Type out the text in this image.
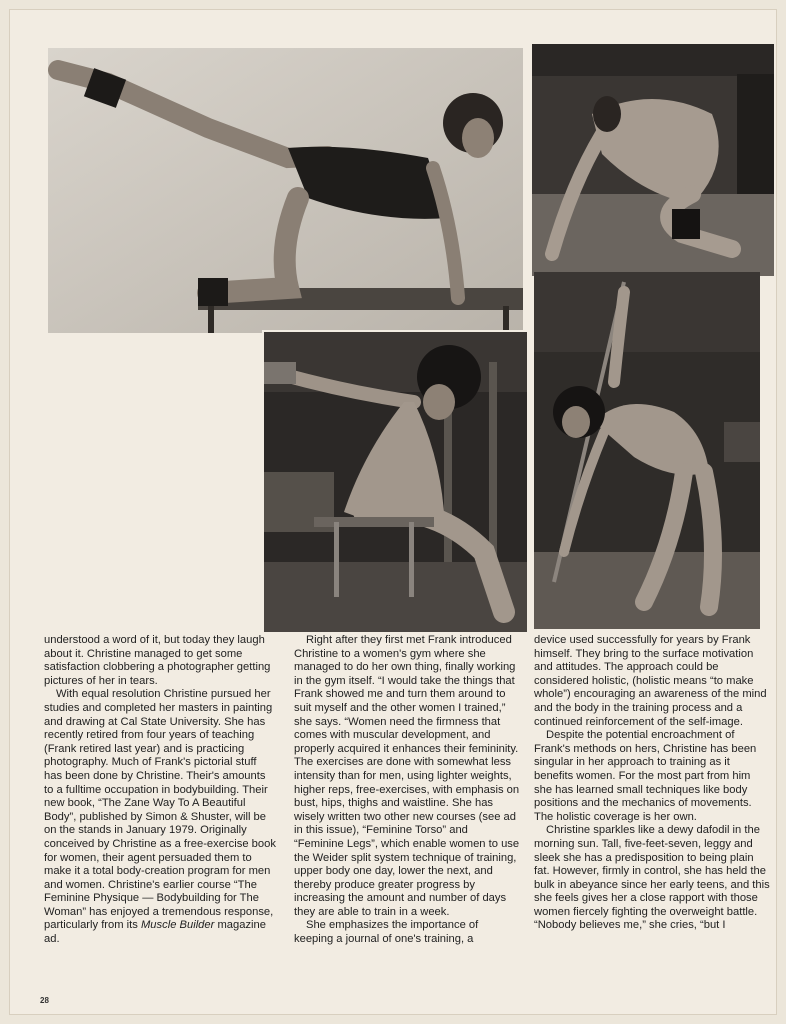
understood a word of it, but today they laugh about it. Christine managed to get some satisfaction clobbering a photographer getting pictures of her in tears.

With equal resolution Christine pursued her studies and completed her masters in painting and drawing at Cal State University. She has recently retired from four years of teaching (Frank retired last year) and is practicing photography. Much of Frank's pictorial stuff has been done by Christine. Their's amounts to a fulltime occupation in bodybuilding. Their new book, “The Zane Way To A Beautiful Body”, published by Simon & Shuster, will be on the stands in January 1979. Originally conceived by Christine as a free-exercise book for women, their agent persuaded them to make it a total body-creation program for men and women. Christine's earlier course “The Feminine Physique — Bodybuilding for The Woman” has enjoyed a tremendous response, particularly from its Muscle Builder magazine ad.

Right after they first met Frank introduced Christine to a women's gym where she managed to do her own thing, finally working in the gym itself. “I would take the things that Frank showed me and turn them around to suit myself and the other women I trained,” she says. “Women need the firmness that comes with muscular development, and properly acquired it enhances their femininity. The exercises are done with somewhat less intensity than for men, using lighter weights, higher reps, free-exercises, with emphasis on bust, hips, thighs and waistline. She has wisely written two other new courses (see ad in this issue), “Feminine Torso” and “Feminine Legs”, which enable women to use the Weider split system technique of training, upper body one day, lower the next, and thereby produce greater progress by increasing the amount and number of days they are able to train in a week.

She emphasizes the importance of keeping a journal of one's training, a

device used successfully for years by Frank himself. They bring to the surface motivation and attitudes. The approach could be considered holistic, (holistic means “to make whole”) encouraging an awareness of the mind and the body in the training process and a continued reinforcement of the self-image.

Despite the potential encroachment of Frank's methods on hers, Christine has been singular in her approach to training as it benefits women. For the most part from him she has learned small techniques like body positions and the mechanics of movements. The holistic coverage is her own.

Christine sparkles like a dewy dafodil in the morning sun. Tall, five-feet-seven, leggy and sleek she has a predisposition to being plain fat. However, firmly in control, she has held the bulk in abeyance since her early teens, and this she feels gives her a close rapport with those women fiercely fighting the overweight battle. “Nobody believes me,” she cries, “but I

28
